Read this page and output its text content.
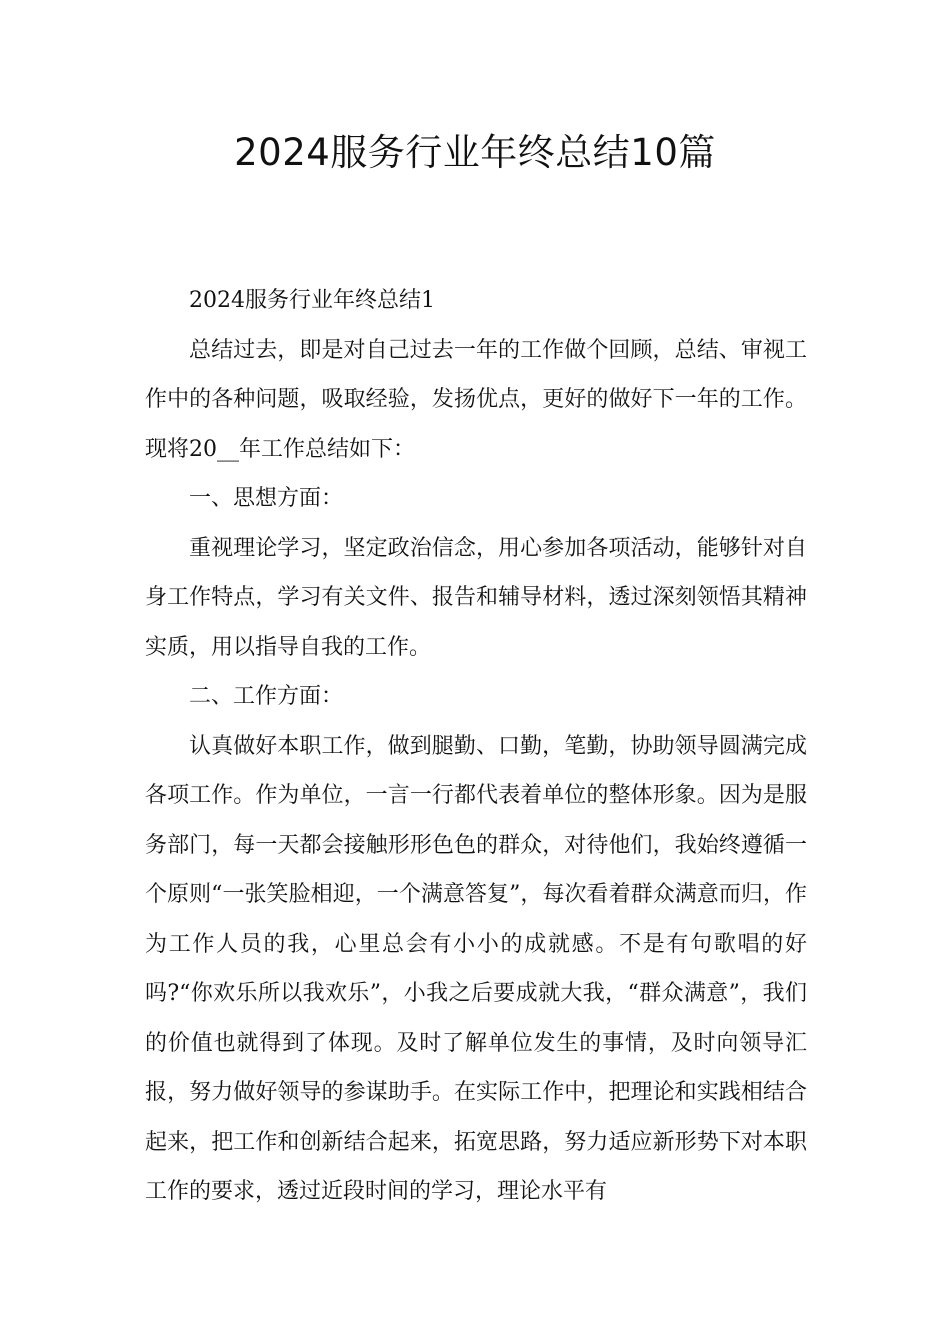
2024服务行业年终总结10篇

2024服务行业年终总结1

总结过去，即是对自己过去一年的工作做个回顾，总结、审视工作中的各种问题，吸取经验，发扬优点，更好的做好下一年的工作。现将20__年工作总结如下：

一、思想方面：

重视理论学习，坚定政治信念，用心参加各项活动，能够针对自身工作特点，学习有关文件、报告和辅导材料，透过深刻领悟其精神实质，用以指导自我的工作。

二、工作方面：

认真做好本职工作，做到腿勤、口勤，笔勤，协助领导圆满完成各项工作。作为单位，一言一行都代表着单位的整体形象。因为是服务部门，每一天都会接触形形色色的群众，对待他们，我始终遵循一个原则“一张笑脸相迎，一个满意答复”，每次看着群众满意而归，作为工作人员的我，心里总会有小小的成就感。不是有句歌唱的好吗?“你欢乐所以我欢乐”，小我之后要成就大我，“群众满意”，我们的价值也就得到了体现。及时了解单位发生的事情，及时向领导汇报，努力做好领导的参谋助手。在实际工作中，把理论和实践相结合起来，把工作和创新结合起来，拓宽思路，努力适应新形势下对本职工作的要求，透过近段时间的学习，理论水平有
